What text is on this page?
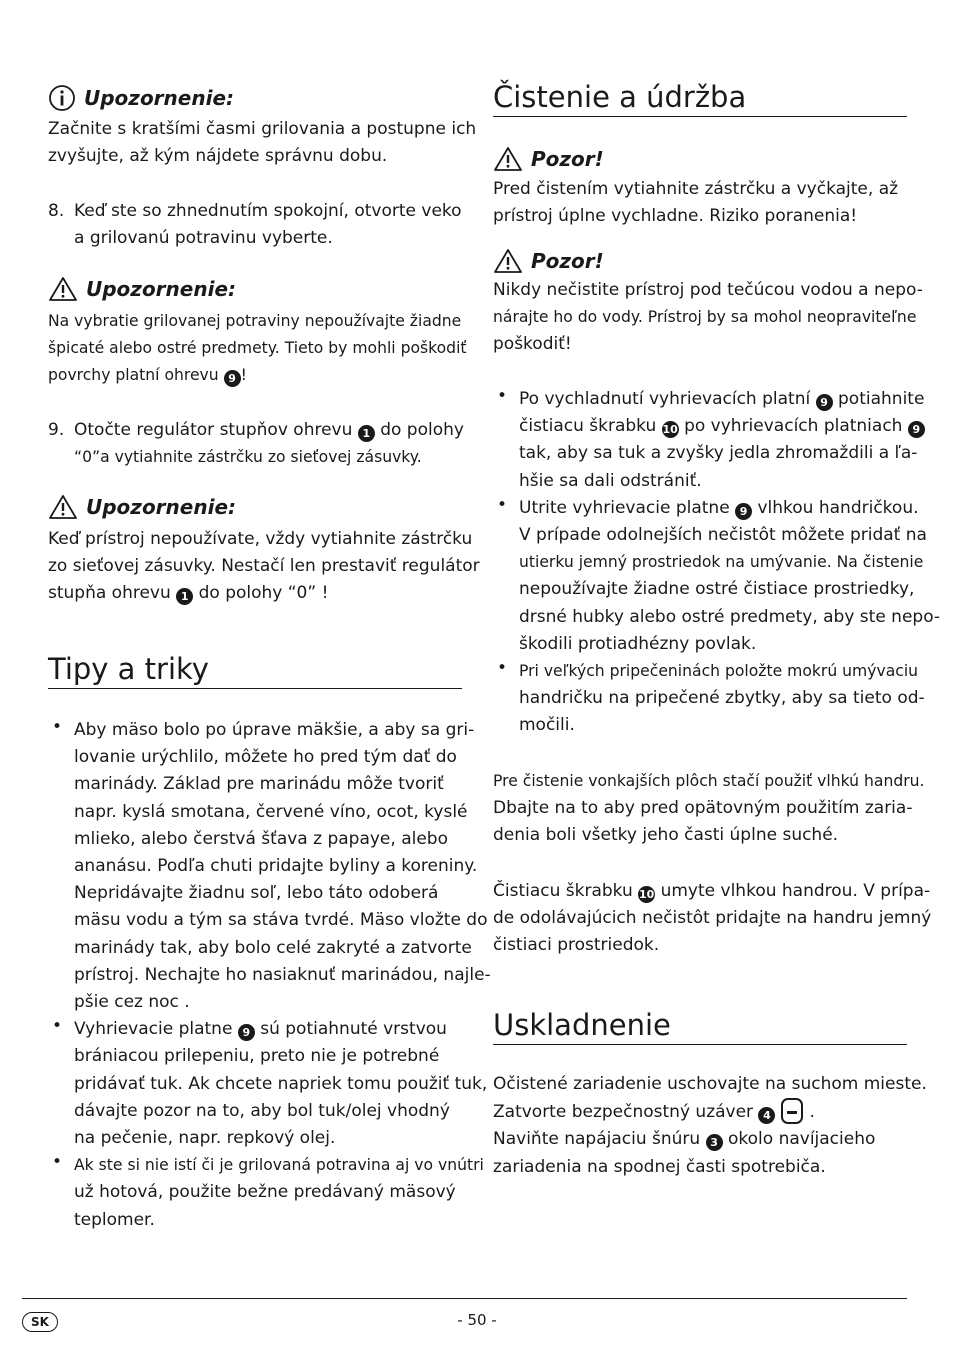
Upozornenie:

Začnite s kratšími časmi grilovania a postupne ich

zvyšujte, až kým nájdete správnu dobu.

8. Keď ste so zhnednutím spokojní, otvorte veko

a grilovanú potravinu vyberte.

Upozornenie:

Na vybratie grilovanej potraviny nepoužívajte žiadne

špicaté alebo ostré predmety. Tieto by mohli poškodiť

povrchy platní ohrevu 9 !

9. Otočte regulátor stupňov ohrevu 1 do polohy

“0”a vytiahnite zástrčku zo sieťovej zásuvky.

Upozornenie:

Keď prístroj nepoužívate, vždy vytiahnite zástrčku

zo sieťovej zásuvky. Nestačí len prestaviť regulátor

stupňa ohrevu 1 do polohy “0” !

Tipy a triky

• Aby mäso bolo po úprave mäkšie, a aby sa gri-

lovanie urýchlilo, môžete ho pred tým dať do

marinády. Základ pre marinádu môže tvoriť

napr. kyslá smotana, červené víno, ocot, kyslé

mlieko, alebo čerstvá šťava z papaye, alebo

ananásu. Podľa chuti pridajte byliny a koreniny.

Nepridávajte žiadnu soľ, lebo táto odoberá

mäsu vodu a tým sa stáva tvrdé. Mäso vložte do

marinády tak, aby bolo celé zakryté a zatvorte

prístroj. Nechajte ho nasiaknuť marinádou, najle-

pšie cez noc .

• Vyhrievacie platne 9 sú potiahnuté vrstvou

brániacou prilepeniu, preto nie je potrebné

pridávať tuk. Ak chcete napriek tomu použiť tuk,

dávajte pozor na to, aby bol tuk/olej vhodný

na pečenie, napr. repkový olej.

• Ak ste si nie istí či je grilovaná potravina aj vo vnútri

už hotová, použite bežne predávaný mäsový

teplomer.

Čistenie a údržba
Pozor!

Pred čistením vytiahnite zástrčku a vyčkajte, až

prístroj úplne vychladne. Riziko poranenia!

Pozor!

Nikdy nečistite prístroj pod tečúcou vodou a nepo-

nárajte ho do vody. Prístroj by sa mohol neopraviteľne

poškodiť!

• Po vychladnutí vyhrievacích platní 9 potiahnite

čistiacu škrabku 10 po vyhrievacích platniach 9

tak, aby sa tuk a zvyšky jedla zhromaždili a ľa-

hšie sa dali odstrániť.

• Utrite vyhrievacie platne 9 vlhkou handričkou.

V prípade odolnejších nečistôt môžete pridať na

utierku jemný prostriedok na umývanie. Na čistenie

nepoužívajte žiadne ostré čistiace prostriedky,

drsné hubky alebo ostré predmety, aby ste nepo-

škodili protiadhézny povlak.

• Pri veľkých pripečeninách položte mokrú umývaciu

handričku na pripečené zbytky, aby sa tieto od-

močili.

Pre čistenie vonkajších plôch stačí použiť vlhkú handru.

Dbajte na to aby pred opätovným použitím zaria-

denia boli všetky jeho časti úplne suché.

Čistiacu škrabku 10 umyte vlhkou handrou. V prípa-

de odolávajúcich nečistôt pridajte na handru jemný

čistiaci prostriedok.

Uskladnenie

Očistené zariadenie uschovajte na suchom mieste.

Zatvorte bezpečnostný uzáver 4 .

Naviňte napájaciu šnúru 3 okolo navíjacieho

zariadenia na spodnej časti spotrebiča.

SK	- 50 -
